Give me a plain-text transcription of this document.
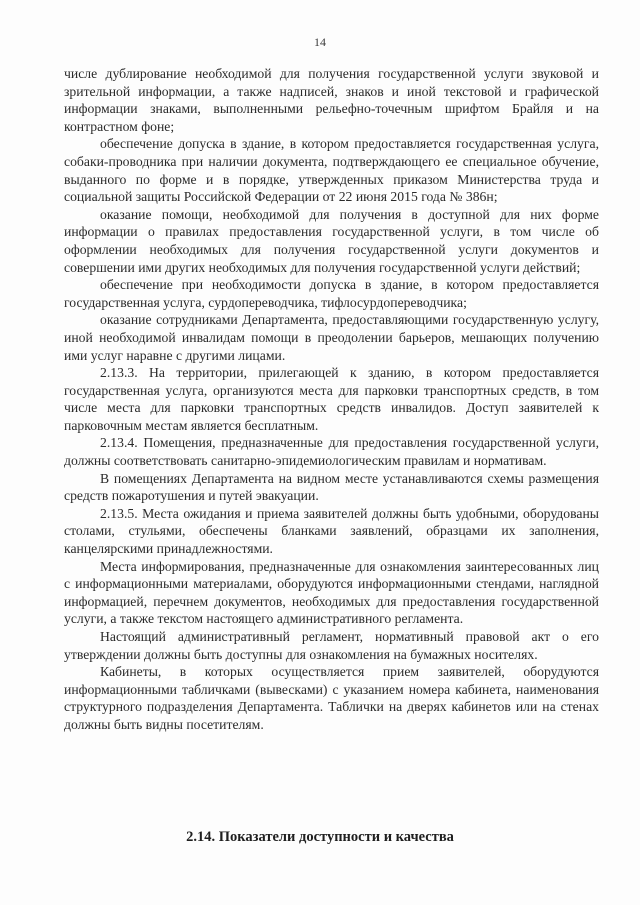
14

числе дублирование необходимой для получения государственной услуги звуковой и зрительной информации, а также надписей, знаков и иной текстовой и графической информации знаками, выполненными рельефно-точечным шрифтом Брайля и на контрастном фоне;

обеспечение допуска в здание, в котором предоставляется государственная услуга, собаки-проводника при наличии документа, подтверждающего ее специальное обучение, выданного по форме и в порядке, утвержденных приказом Министерства труда и социальной защиты Российской Федерации от 22 июня 2015 года № 386н;

оказание помощи, необходимой для получения в доступной для них форме информации о правилах предоставления государственной услуги, в том числе об оформлении необходимых для получения государственной услуги документов и совершении ими других необходимых для получения государственной услуги действий;

обеспечение при необходимости допуска в здание, в котором предоставляется государственная услуга, сурдопереводчика, тифлосурдопереводчика;

оказание сотрудниками Департамента, предоставляющими государственную услугу, иной необходимой инвалидам помощи в преодолении барьеров, мешающих получению ими услуг наравне с другими лицами.

2.13.3. На территории, прилегающей к зданию, в котором предоставляется государственная услуга, организуются места для парковки транспортных средств, в том числе места для парковки транспортных средств инвалидов. Доступ заявителей к парковочным местам является бесплатным.

2.13.4. Помещения, предназначенные для предоставления государственной услуги, должны соответствовать санитарно-эпидемиологическим правилам и нормативам.

В помещениях Департамента на видном месте устанавливаются схемы размещения средств пожаротушения и путей эвакуации.

2.13.5. Места ожидания и приема заявителей должны быть удобными, оборудованы столами, стульями, обеспечены бланками заявлений, образцами их заполнения, канцелярскими принадлежностями.

Места информирования, предназначенные для ознакомления заинтересованных лиц с информационными материалами, оборудуются информационными стендами, наглядной информацией, перечнем документов, необходимых для предоставления государственной услуги, а также текстом настоящего административного регламента.

Настоящий административный регламент, нормативный правовой акт о его утверждении должны быть доступны для ознакомления на бумажных носителях.

Кабинеты, в которых осуществляется прием заявителей, оборудуются информационными табличками (вывесками) с указанием номера кабинета, наименования структурного подразделения Департамента. Таблички на дверях кабинетов или на стенах должны быть видны посетителям.

2.14. Показатели доступности и качества
